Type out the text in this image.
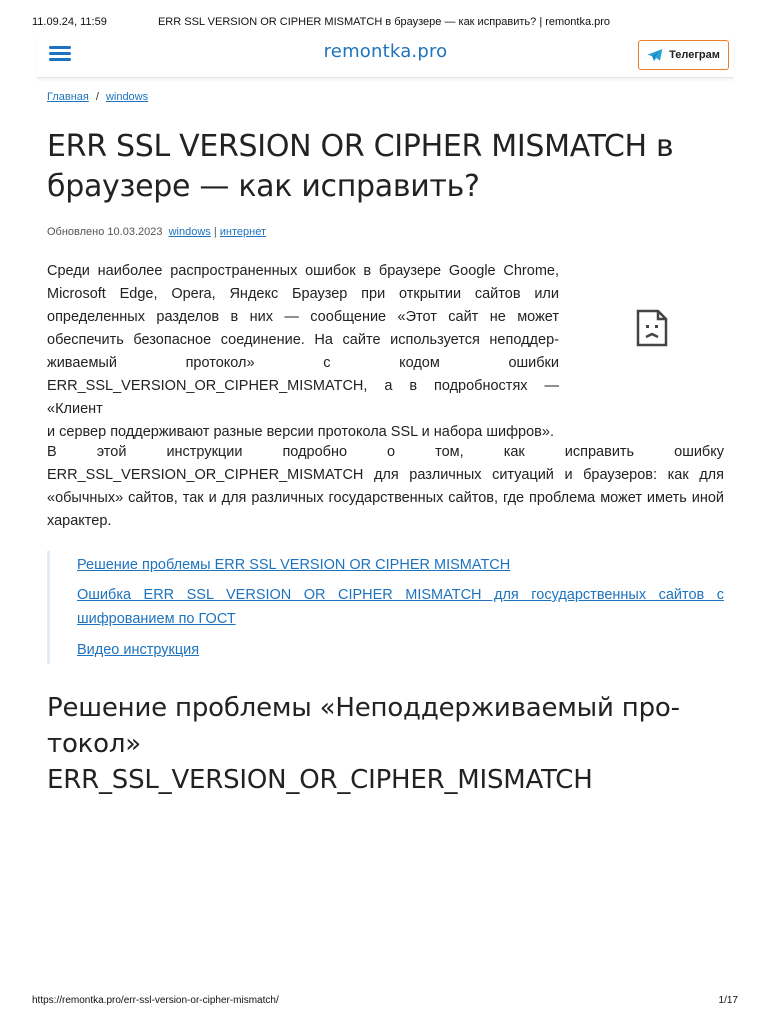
11.09.24, 11:59	ERR SSL VERSION OR CIPHER MISMATCH в браузере — как исправить? | remontka.pro
remontka.pro	Телеграм
Главная / windows
ERR SSL VERSION OR CIPHER MISMATCH в браузере — как исправить?
Обновлено 10.03.2023 windows | интернет
Среди наиболее распространенных ошибок в браузере Google Chrome, Microsoft Edge, Opera, Яндекс Браузер при открытии сайтов или определенных разделов в них — сообщение «Этот сайт не может обеспечить безопасное соединение. На сайте используется неподдерживаемый протокол» с кодом ошибки ERR_SSL_VERSION_OR_CIPHER_MISMATCH, а в подробностях — «Клиент
и сервер поддерживают разные версии протокола SSL и набора шифров».

В этой инструкции подробно о том, как исправить ошибку ERR_SSL_VERSION_OR_CIPHER_MISMATCH для различных ситуаций и браузеров: как для «обычных» сайтов, так и для различных государственных сайтов, где проблема может иметь иной характер.

Решение проблемы ERR SSL VERSION OR CIPHER MISMATCH
Ошибка ERR SSL VERSION OR CIPHER MISMATCH для государственных сайтов с шифрованием по ГОСТ
Видео инструкция
Решение проблемы «Неподдерживаемый протокол»
ERR_SSL_VERSION_OR_CIPHER_MISMATCH
https://remontka.pro/err-ssl-version-or-cipher-mismatch/	1/17
